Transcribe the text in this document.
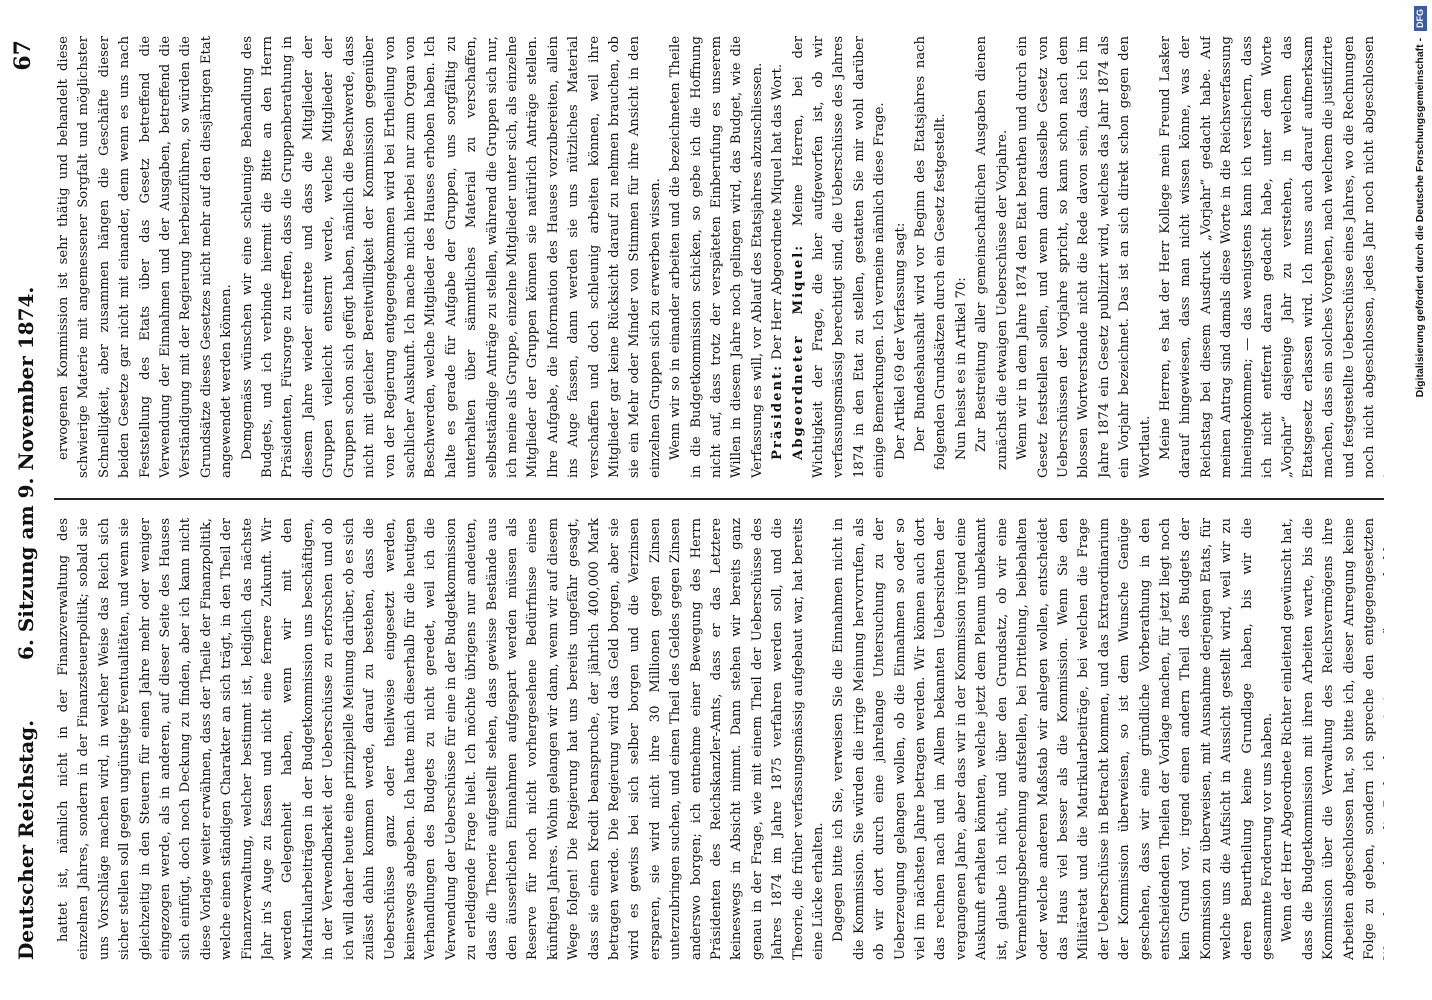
Deutscher Reichstag.
6. Sitzung am 9. November 1874.
67

hattet ist, nämlich nicht in der Finanzverwaltung des einzelnen Jahres, sondern in der Finanzsteuerpolitik; sobald sie uns Vorschläge machen wird, in welcher Weise das Reich sich sicher stellen soll gegen ungünstige Eventualitäten, und wenn sie gleichzeitig in den Steuern für einen Jahre mehr oder weniger eingezogen werde, als in anderen, auf dieser Seite des Hauses sich einfügt, doch noch Deckung zu finden, aber ich kann nicht diese Vorlage weiter erwähnen, dass der Theile der Finanzpolitik, welche einen ständigen Charakter an sich trägt, in den Theil der Finanzverwaltung, welcher bestimmt ist, lediglich das nächste Jahr in's Auge zu fassen und nicht eine fernere Zukunft. Wir werden Gelegenheit haben, wenn wir mit den Matrikularbeiträgen in der Budgetkommission uns beschäftigen, in der Verwendbarkeit der Ueberschüsse zu erforschen und ob ich will daher heute eine prinzipielle Meinung darüber, ob es sich zulässt dahin kommen werde, darauf zu bestehen, dass die Ueberschüsse ganz oder theilweise eingesetzt werden, keineswegs abgeben. Ich hatte mich dieserhalb für die heutigen Verhandlungen des Budgets zu nicht geredet, weil ich die Verwendung der Ueberschüsse für eine in der Budgetkommission zu erledigende Frage hielt. Ich möchte übrigens nur andeuten, dass die Theorie aufgestellt sehen, dass gewisse Bestände aus den äusserlichen Einnahmen aufgespart werden müssen als Reserve für noch nicht vorhergesehene Bedürfnisse eines künftigen Jahres. Wohin gelangen wir dann, wenn wir auf diesem Wege folgen! Die Regierung hat uns bereits ungefähr gesagt, dass sie einen Kredit beanspruche, der jährlich 400,000 Mark betragen werde. Die Regierung wird das Geld borgen, aber sie wird es gewiss bei sich selber borgen und die Verzinsen ersparen, sie wird nicht ihre 30 Millionen gegen Zinsen unterzubringen suchen, und einen Theil des Geldes gegen Zinsen anderswo borgen; ich entnehme einer Bewegung des Herrn Präsidenten des Reichskanzler-Amts, dass er das Letztere keineswegs in Absicht nimmt. Dann stehen wir bereits ganz genau in der Frage, wie mit einem Theil der Ueberschüsse des Jahres 1874 im Jahre 1875 verfahren werden soll, und die Theorie, die früher verfassungsmässig aufgebaut war, hat bereits eine Lücke erhalten. Dagegen bitte ich Sie, verweisen Sie die Einnahmen nicht in die Kommission. Sie würden die irrige Meinung hervorrufen, als ob wir dort durch eine jahrelange Untersuchung zu der Ueberzeugung gelangen wollen, ob die Einnahmen so oder so viel im nächsten Jahre betragen werden. Wir können auch dort das rechnen nach und im Allem bekannten Uebersichten der vergangenen Jahre, aber dass wir in der Kommission irgend eine Auskunft erhalten könnten, welche jetzt dem Plenum unbekannt ist, glaube ich nicht, und über den Grundsatz, ob wir eine Vermehrungsberechnung aufstellen, bei Drittelung, beibehalten oder welche anderen Maßstab wir anlegen wollen, entscheidet das Haus viel besser als die Kommission. Wenn Sie den Militäretat und die Matrikularbeiträge, bei welchen die Frage der Ueberschüsse in Betracht kommen, und das Extraordinarium der Kommission überweisen, so ist dem Wunsche Genüge geschehen, dass wir eine gründliche Vorberathung in den entscheidenden Theilen der Vorlage machen, für jetzt liegt noch kein Grund vor, irgend einen andern Theil des Budgets der Kommission zu überweisen, mit Ausnahme derjenigen Etats, für welche uns die Aufsicht in Aussicht gestellt wird, weil wir zu deren Beurtheilung keine Grundlage haben, bis wir die gesammte Forderung vor uns haben. Wenn der Herr Abgeordnete Richter einleitend gewünscht hat, dass die Budgetkommission mit ihren Arbeiten warte, bis die Kommission über die Verwaltung des Reichsvermögens ihre Arbeiten abgeschlossen hat, so bitte ich, dieser Anregung keine Folge zu geben, sondern ich spreche den entgegengesetzten

erwogenen Kommission ist sehr thätig und behandelt diese schwierige Materie mit angemessener Sorgfalt und möglichster Schnelligkeit, aber zusammen hängen die Geschäfte dieser beiden Gesetze gar nicht mit einander, denn wenn es uns nach Feststellung des Etats über das Gesetz betreffend die Verwendung der Einnahmen und der Ausgaben, betreffend die Verständigung mit der Regierung herbeizuführen, so würden die Grundsätze dieses Gesetzes nicht mehr auf den diesjährigen Etat angewendet werden können. Demgemäss wünschen wir eine schleunige Behandlung des Budgets, und ich verbinde hiermit die Bitte an den Herrn Präsidenten, Fürsorge zu treffen, dass die Gruppenberathung in diesem Jahre wieder eintrete und dass die Mitglieder der Gruppen vielleicht entsernt werde, welche Mitglieder der Gruppen schon sich gefügt haben, nämlich die Beschwerde, dass nicht mit gleicher Bereitwilligkeit der Kommission gegenüber von der Regierung entgegengekommen wird bei Ertheilung von sachlicher Auskunft. Ich mache mich hierbei nur zum Organ von Beschwerden, welche Mitglieder des Hauses erhoben haben. Ich halte es gerade für Aufgabe der Gruppen, uns sorgfältig zu unterhalten über sämmtliches Material zu verschaffen, selbstständige Anträge zu stellen, während die Gruppen sich nur, ich meine als Gruppe, einzelne Mitglieder unter sich, als einzelne Mitglieder der Gruppen können sie natürlich Anträge stellen. Ihre Aufgabe, die Information des Hauses vorzubereiten, allein ins Auge fassen, dann werden sie uns nützliches Material verschaffen und doch schleunig arbeiten können, weil ihre Mitglieder gar keine Rücksicht darauf zu nehmen brauchen, ob sie ein Mehr oder Minder von Stimmen für ihre Ansicht in den einzelnen Gruppen sich zu erwerben wissen. Wenn wir so in einander arbeiten und die bezeichneten Theile in die Budgetkommission schicken, so gebe ich die Hoffnung nicht auf, dass trotz der verspäteten Einberufung es unserem Willen in diesem Jahre noch gelingen wird, das Budget, wie die Verfassung es will, vor Ablauf des Etatsjahres abzuschliessen. Präsident: Der Herr Abgeordnete Miquel hat das Wort. Abgeordneter Miquel: Meine Herren, bei der Wichtigkeit der Frage, die hier aufgeworfen ist, ob wir verfassungsmässig berechtigt sind, die Ueberschüsse des Jahres 1874 in den Etat zu stellen, gestatten Sie mir wohl darüber einige Bemerkungen. Ich verneine nämlich diese Frage. Der Artikel 69 der Verfassung sagt: Der Bundeshaushalt wird vor Beginn des Etatsjahres nach folgenden Grundsätzen durch ein Gesetz festgestellt. Nun heisst es in Artikel 70: Zur Bestreitung aller gemeinschaftlichen Ausgaben dienen zunächst die etwaigen Ueberschüsse der Vorjahre. Wenn wir in dem Jahre 1874 den Etat berathen und durch ein Gesetz feststellen sollen, und wenn dann dasselbe Gesetz von Ueberschüssen der Vorjahre spricht, so kann schon nach dem blossen Wortverstande nicht die Rede davon sein, dass ich im Jahre 1874 ein Gesetz publizirt wird, welches das Jahr 1874 als ein Vorjahr bezeichnet. Das ist an sich direkt schon gegen den Wortlaut. Meine Herren, es hat der Herr Kollege mein Freund Lasker darauf hingewiesen, dass man nicht wissen könne, was der Reichstag bei diesem Ausdruck „Vorjahr“ gedacht habe. Auf meinen Antrag sind damals diese Worte in die Reichsverfassung hineingekommen; — das wenigstens kann ich versichern, dass ich nicht entfernt daran gedacht habe, unter dem Worte „Vorjahr“ dasjenige Jahr zu verstehen, in welchem das Etatsgesetz erlassen wird. Ich muss auch darauf aufmerksam machen, dass ein solches Vorgehen, nach welchem die justifizirte und festgestellte Ueberschüsse eines Jahres, wo die Rechnungen noch nicht abgeschlossen, jedes Jahr noch nicht abgeschlossen	Digitalisierung gefördert durch die Deutsche Forschungsgemeinschaft - DFG
